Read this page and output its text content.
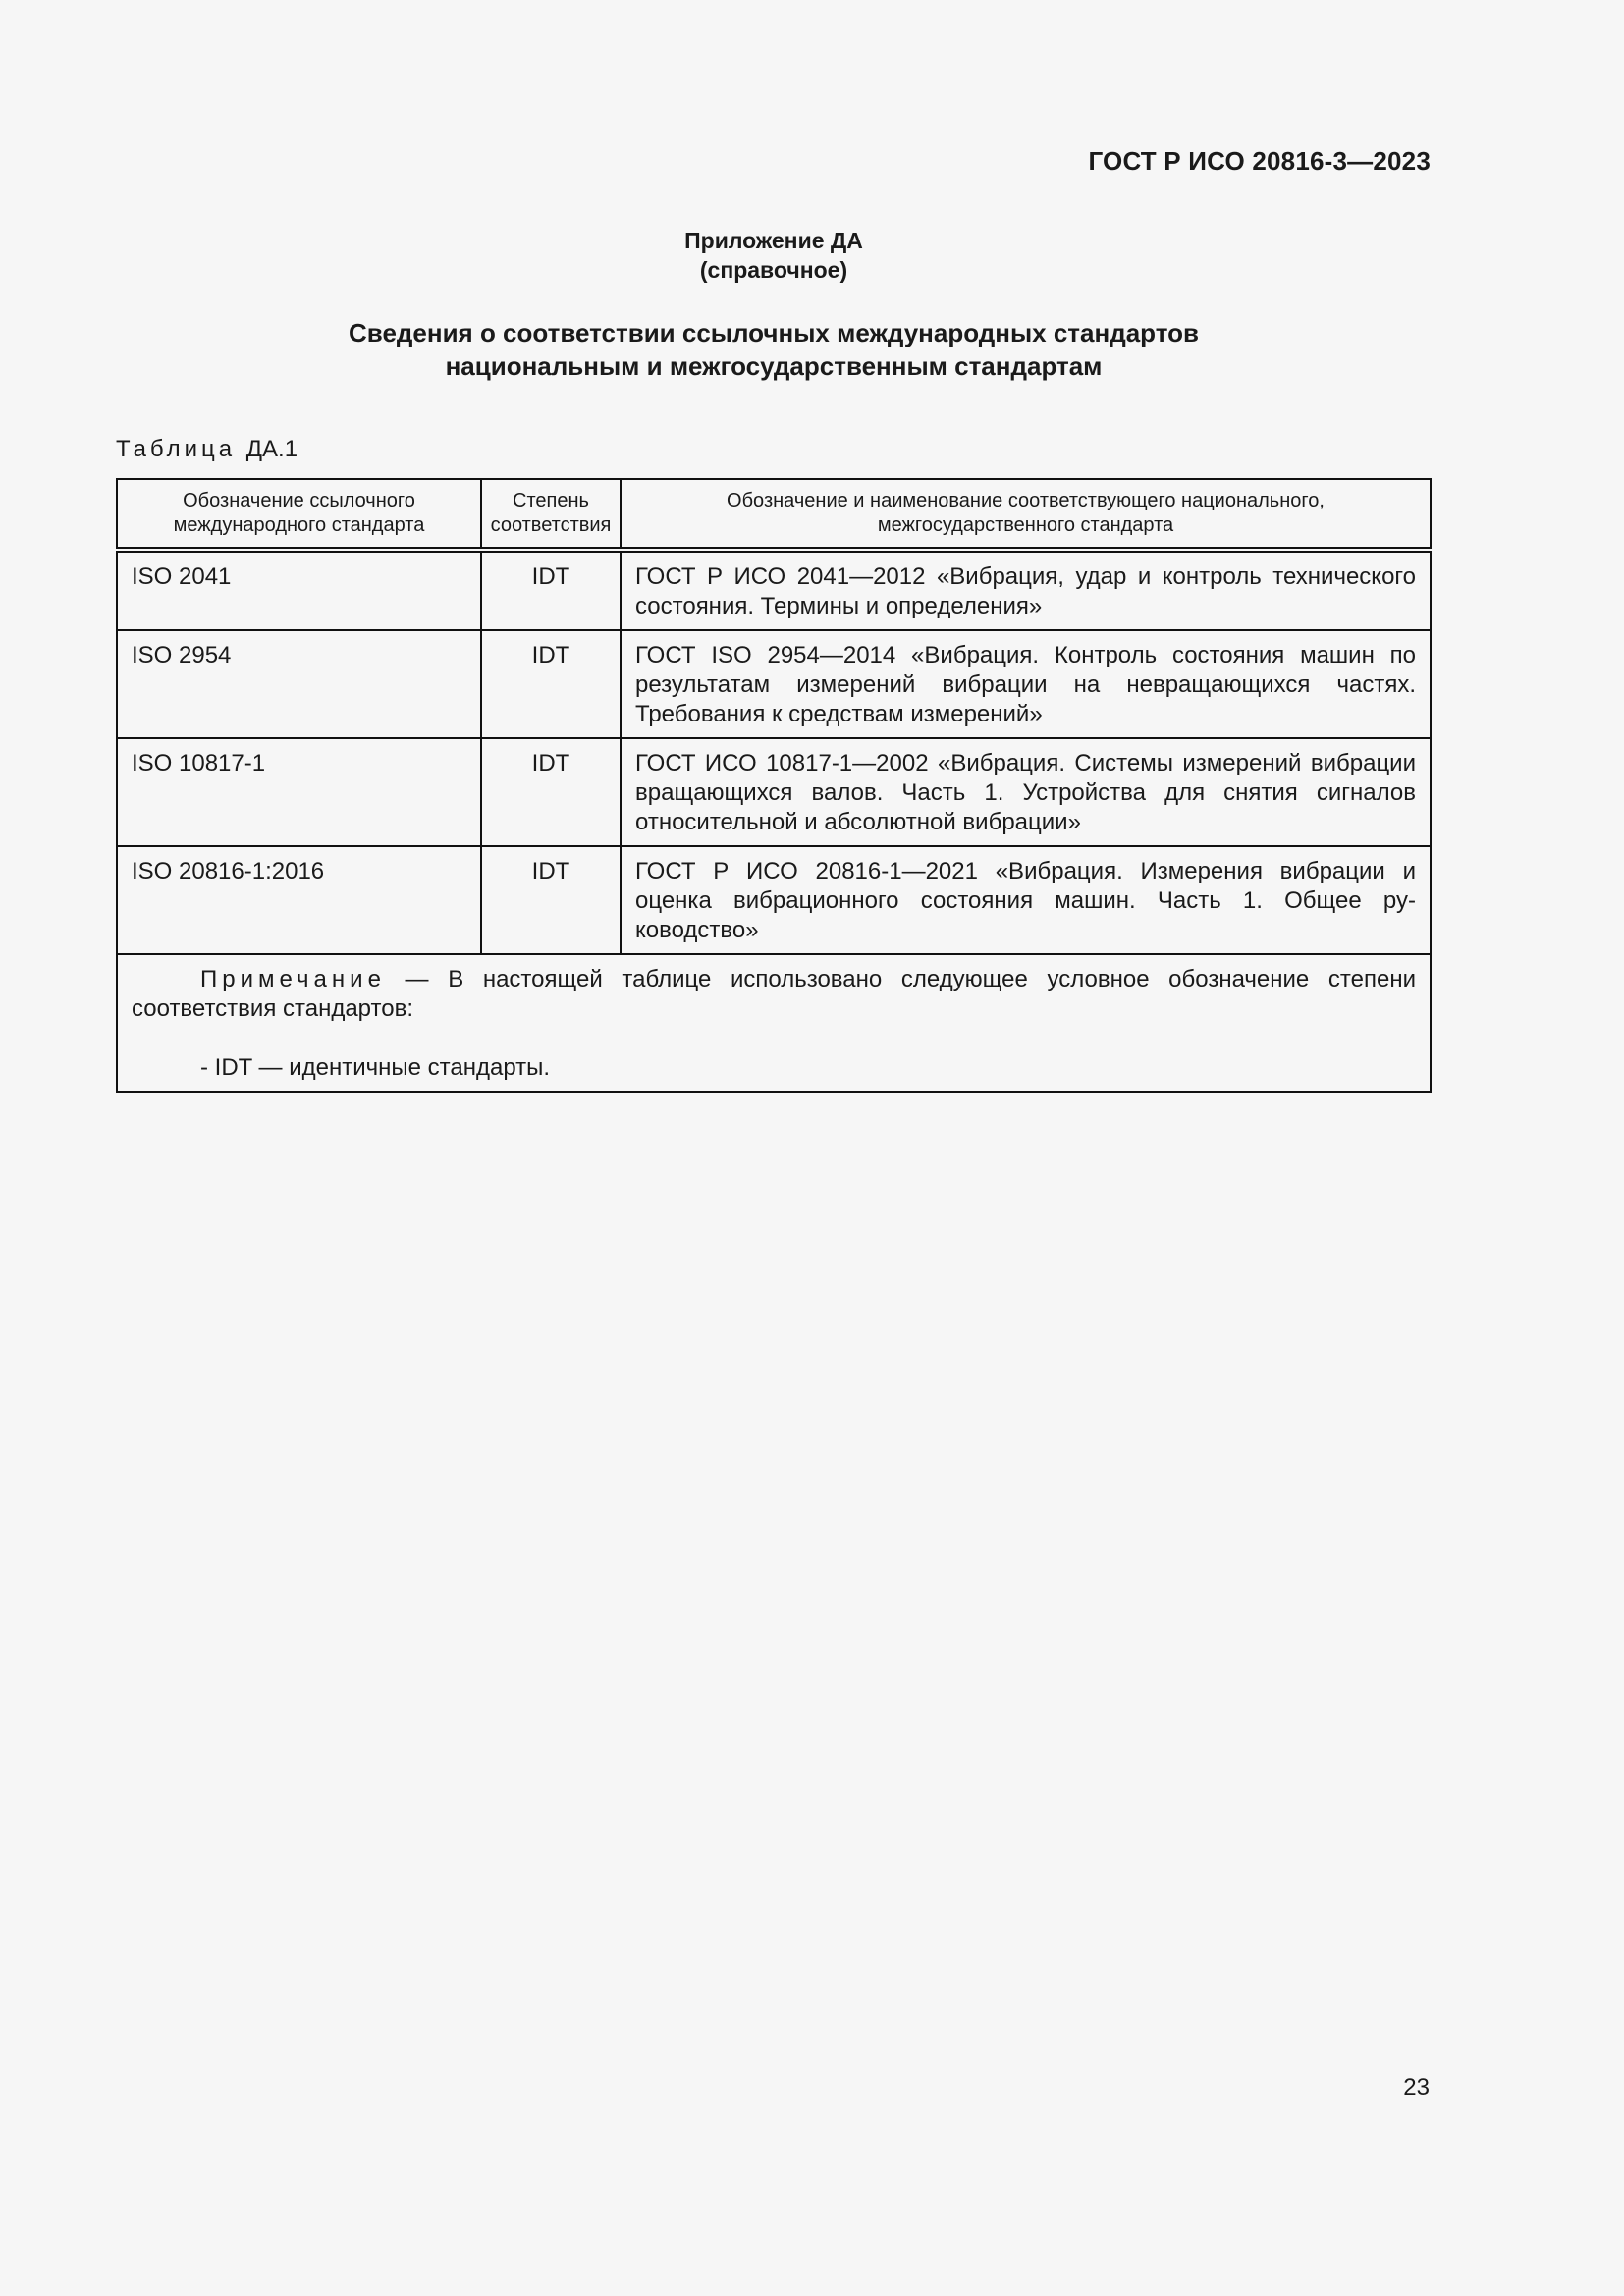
ГОСТ Р ИСО 20816-3—2023
Приложение ДА
(справочное)
Сведения о соответствии ссылочных международных стандартов
национальным и межгосударственным стандартам
Таблица ДА.1
Обозначение ссылочного международного стандарта	Степень соответствия	Обозначение и наименование соответствующего национального, межгосударственного стандарта
ISO 2041	IDT	ГОСТ Р ИСО 2041—2012 «Вибрация, удар и контроль технического состояния. Термины и определения»
ISO 2954	IDT	ГОСТ ISO 2954—2014 «Вибрация. Контроль состояния машин по результатам измерений вибрации на невращающихся частях. Требования к средствам измерений»
ISO 10817-1	IDT	ГОСТ ИСО 10817-1—2002 «Вибрация. Системы измерений вибрации вращающихся валов. Часть 1. Устройства для снятия сигналов относительной и абсолютной вибрации»
ISO 20816-1:2016	IDT	ГОСТ Р ИСО 20816-1—2021 «Вибрация. Измерения вибрации и оценка вибрационного состояния машин. Часть 1. Общее руководство»

Примечание — В настоящей таблице использовано следующее условное обозначение степени соответствия стандартов:
- IDT — идентичные стандарты.		
23
